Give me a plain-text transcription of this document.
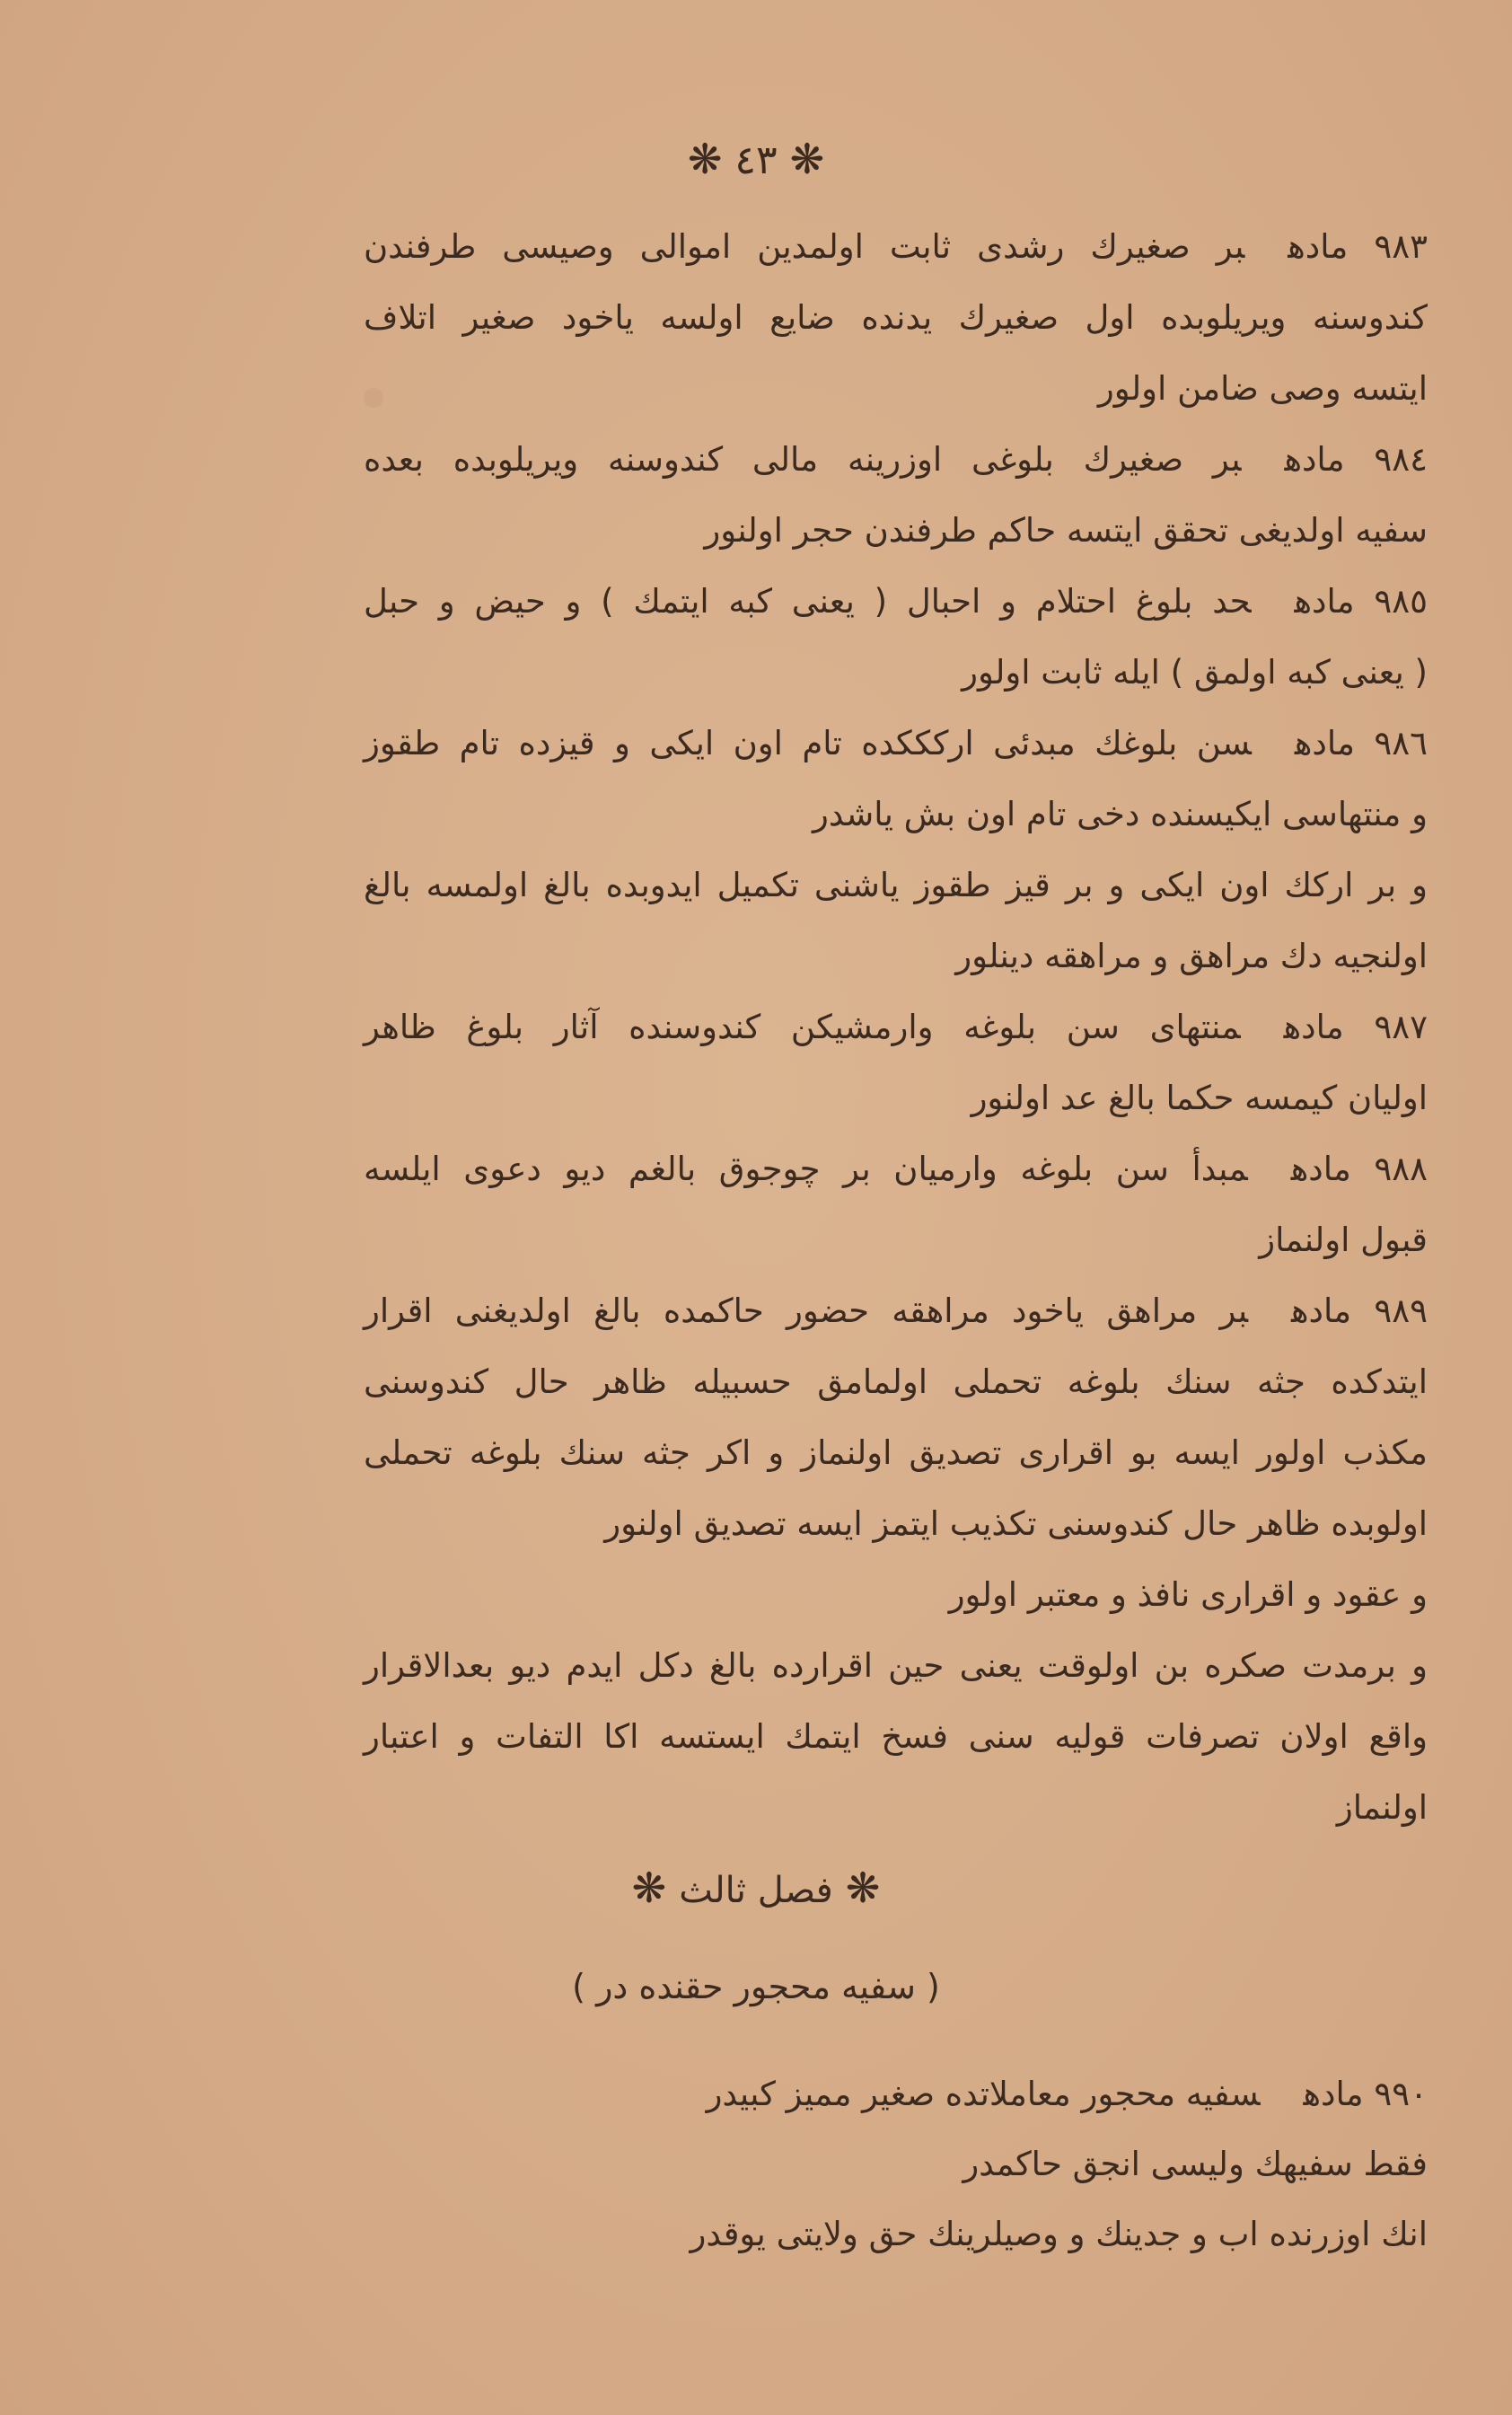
❋٤٣❋
٩٨٣ مادهبر صغيرك رشدى ثابت اولمدين اموالى وصيسى طرفندن
كندوسنه ويريلوبده اول صغيرك يدنده ضايع اولسه ياخود صغير اتلاف
ايتسه وصى ضامن اولور
٩٨٤ مادهبر صغيرك بلوغى اوزرينه مالى كندوسنه ويريلوبده بعده
سفيه اولديغى تحقق ايتسه حاكم طرفندن حجر اولنور
٩٨٥ مادهحد بلوغ احتلام و احبال ( يعنى كبه ايتمك ) و حيض و حبل
( يعنى كبه اولمق ) ايله ثابت اولور
٩٨٦ مادهسن بلوغك مبدئى اركككده تام اون ايكى و قيزده تام طقوز
و منتهاسى ايكيسنده دخى تام اون بش ياشدر
و بر اركك اون ايكى و بر قيز طقوز ياشنى تكميل ايدوبده بالغ اولمسه بالغ
اولنجيه دك مراهق و مراهقه دينلور
٩٨٧ مادهمنتهاى سن بلوغه وارمشيكن كندوسنده آثار بلوغ ظاهر
اوليان كيمسه حكما بالغ عد اولنور
٩٨٨ مادهمبدأ سن بلوغه وارميان بر چوجوق بالغم ديو دعوى ايلسه
قبول اولنماز
٩٨٩ مادهبر مراهق ياخود مراهقه حضور حاكمده بالغ اولديغنى اقرار
ايتدكده جثه سنك بلوغه تحملى اولمامق حسبيله ظاهر حال كندوسنى
مكذب اولور ايسه بو اقرارى تصديق اولنماز و اكر جثه سنك بلوغه تحملى
اولوبده ظاهر حال كندوسنى تكذيب ايتمز ايسه تصديق اولنور
و عقود و اقرارى نافذ و معتبر اولور
و برمدت صكره بن اولوقت يعنى حين اقرارده بالغ دكل ايدم ديو بعدالاقرار
واقع اولان تصرفات قوليه سنى فسخ ايتمك ايستسه اكا التفات و اعتبار
اولنماز
❋فصل ثالث❋
( سفيه محجور حقنده در )
٩٩٠ مادهسفيه محجور معاملاتده صغير مميز كبيدر
فقط سفيهك وليسى انجق حاكمدر
انك اوزرنده اب و جدينك و وصيلرينك حق ولايتى يوقدر
